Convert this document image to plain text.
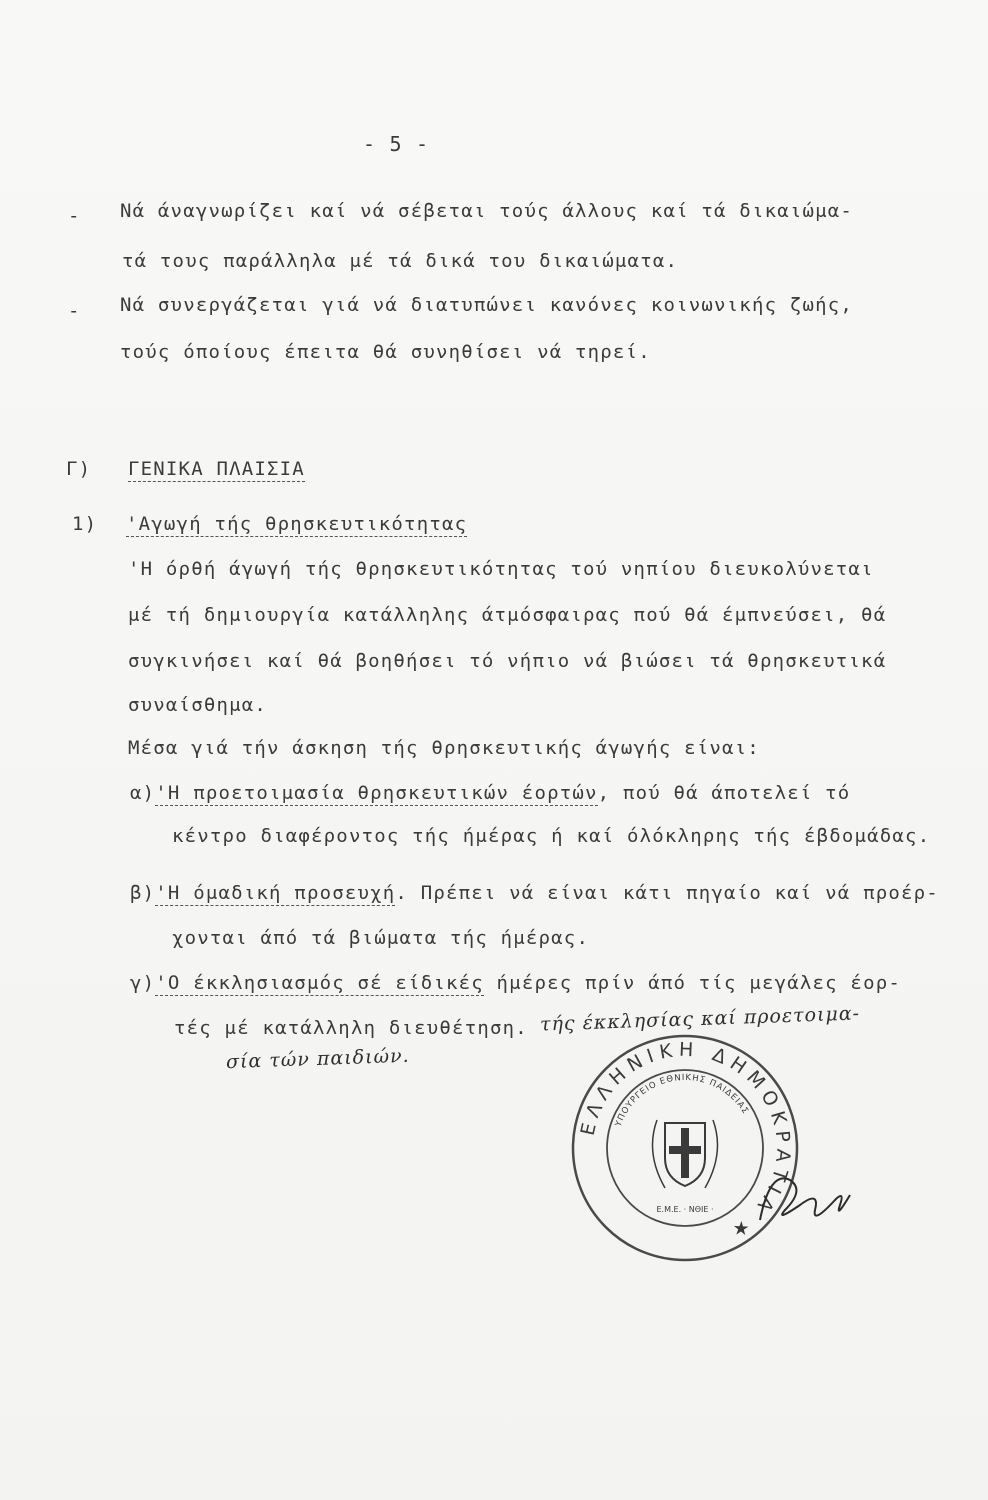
- 5 -
- Νά άναγνωρίζει καί νά σέβεται τούς άλλους καί τά δικαιώμα-
τά τους παράλληλα μέ τά δικά του δικαιώματα.
- Νά συνεργάζεται γιά νά διατυπώνει κανόνες κοινωνικής ζωής,
τούς όποίους έπειτα θά συνηθίσει νά τηρεί.
Γ) ΓΕΝΙΚΑ ΠΛΑΙΣΙΑ
1) 'Αγωγή τής θρησκευτικότητας
'Η όρθή άγωγή τής θρησκευτικότητας τού νηπίου διευκολύνεται
μέ τή δημιουργία κατάλληλης άτμόσφαιρας πού θά έμπνεύσει, θά
συγκινήσει καί θά βοηθήσει τό νήπιο νά βιώσει τά θρησκευτικά
συναίσθημα.
Μέσα γιά τήν άσκηση τής θρησκευτικής άγωγής είναι:
α)'Η προετοιμασία θρησκευτικών έορτών, πού θά άποτελεί τό
κέντρο διαφέροντος τής ήμέρας ή καί όλόκληρης τής έβδομάδας.
β)'Η όμαδική προσευχή. Πρέπει νά είναι κάτι πηγαίο καί νά προέρ-
χονται άπό τά βιώματα τής ήμέρας.
γ)'Ο έκκλησιασμός σέ είδικές ήμέρες πρίν άπό τίς μεγάλες έορ-
τές μέ κατάλληλη διευθέτηση. τής έκκλησίας καί προετοιμα-
σία τών παιδιών.
ΕΛΛΗΝΙΚΗ ΔΗΜΟΚΡΑΤΙΑ ★
ΥΠΟΥΡΓΕΙΟ ΕΘΝΙΚΗΣ ΠΑΙΔΕΙΑΣ
Ε.Μ.Ε. · ΝΘΙΕ ·
